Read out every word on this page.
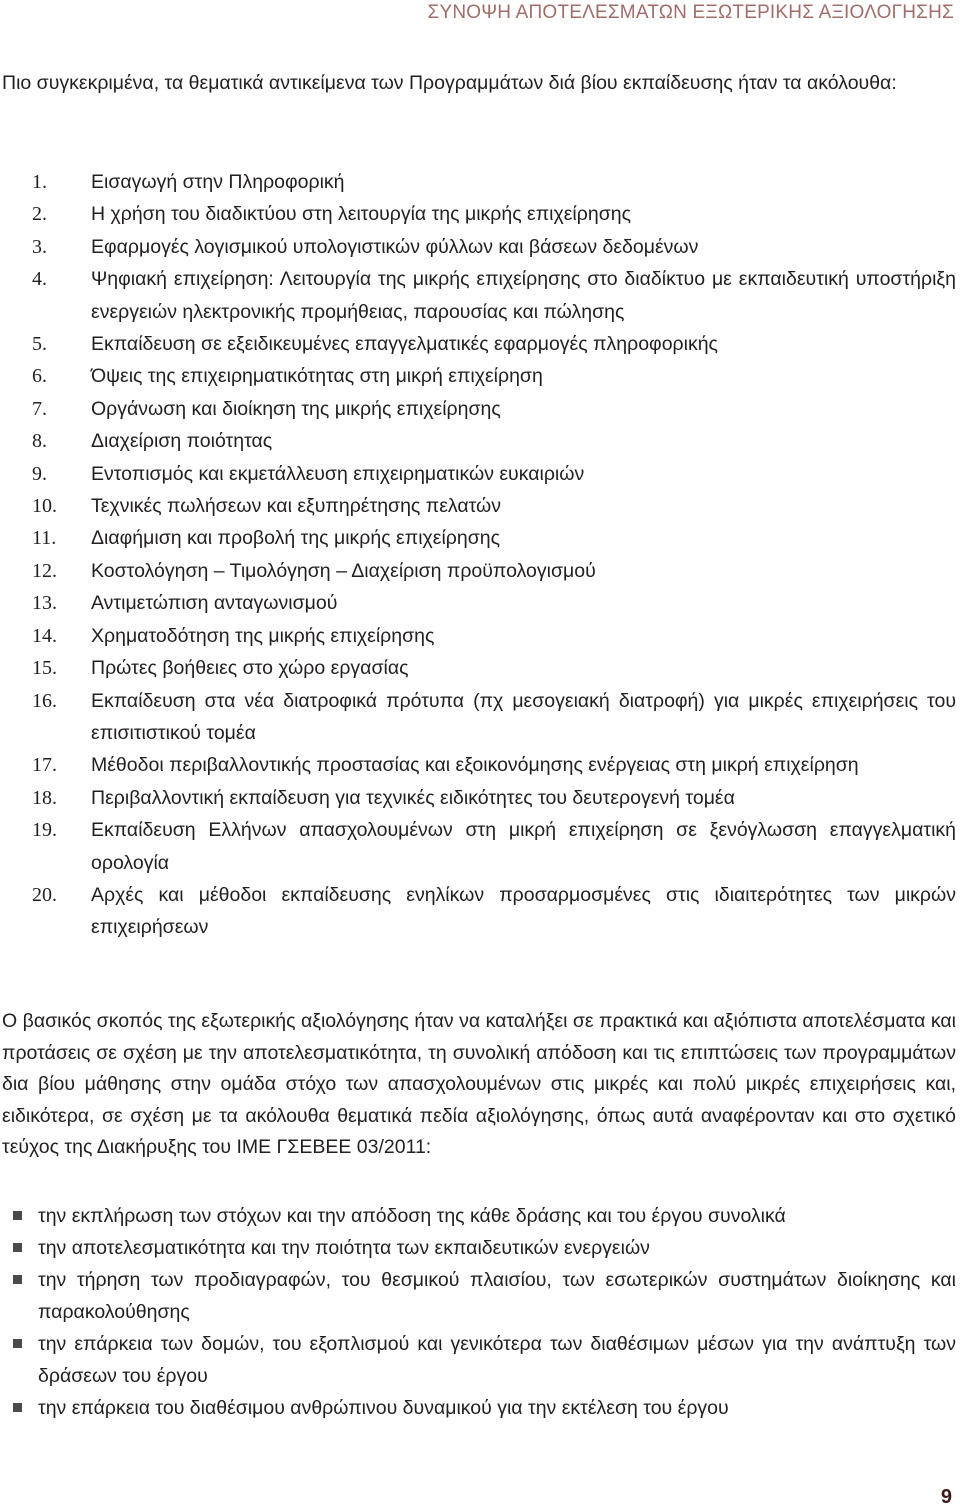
ΣΥΝΟΨΗ ΑΠΟΤΕΛΕΣΜΑΤΩΝ ΕΞΩΤΕΡΙΚΗΣ ΑΞΙΟΛΟΓΗΣΗΣ
Πιο συγκεκριμένα, τα θεματικά αντικείμενα των Προγραμμάτων διά βίου εκπαίδευσης ήταν τα ακόλουθα:
1. Εισαγωγή στην Πληροφορική
2. Η χρήση του διαδικτύου στη λειτουργία της μικρής επιχείρησης
3. Εφαρμογές λογισμικού υπολογιστικών φύλλων και βάσεων δεδομένων
4. Ψηφιακή επιχείρηση: Λειτουργία της μικρής επιχείρησης στο διαδίκτυο με εκπαιδευτική υποστήριξη ενεργειών ηλεκτρονικής προμήθειας, παρουσίας και πώλησης
5. Εκπαίδευση σε εξειδικευμένες επαγγελματικές εφαρμογές πληροφορικής
6. Όψεις της επιχειρηματικότητας στη μικρή επιχείρηση
7. Οργάνωση και διοίκηση της μικρής επιχείρησης
8. Διαχείριση ποιότητας
9. Εντοπισμός και εκμετάλλευση επιχειρηματικών ευκαιριών
10. Τεχνικές πωλήσεων και εξυπηρέτησης πελατών
11. Διαφήμιση και προβολή της μικρής επιχείρησης
12. Κοστολόγηση – Τιμολόγηση – Διαχείριση προϋπολογισμού
13. Αντιμετώπιση ανταγωνισμού
14. Χρηματοδότηση της μικρής επιχείρησης
15. Πρώτες βοήθειες στο χώρο εργασίας
16. Εκπαίδευση στα νέα διατροφικά πρότυπα (πχ μεσογειακή διατροφή) για μικρές επιχειρήσεις του επισιτιστικού τομέα
17. Μέθοδοι περιβαλλοντικής προστασίας και εξοικονόμησης ενέργειας στη μικρή επιχείρηση
18. Περιβαλλοντική εκπαίδευση για τεχνικές ειδικότητες του δευτερογενή τομέα
19. Εκπαίδευση Ελλήνων απασχολουμένων στη μικρή επιχείρηση σε ξενόγλωσση επαγγελματική ορολογία
20. Αρχές και μέθοδοι εκπαίδευσης ενηλίκων προσαρμοσμένες στις ιδιαιτερότητες των μικρών επιχειρήσεων
Ο βασικός σκοπός της εξωτερικής αξιολόγησης ήταν να καταλήξει σε πρακτικά και αξιόπιστα αποτελέσματα και προτάσεις σε σχέση με την αποτελεσματικότητα, τη συνολική απόδοση και τις επιπτώσεις των προγραμμάτων δια βίου μάθησης στην ομάδα στόχο των απασχολουμένων στις μικρές και πολύ μικρές επιχειρήσεις και, ειδικότερα, σε σχέση με τα ακόλουθα θεματικά πεδία αξιολόγησης, όπως αυτά αναφέρονταν και στο σχετικό τεύχος της Διακήρυξης του ΙΜΕ ΓΣΕΒΕΕ 03/2011:
την εκπλήρωση των στόχων και την απόδοση της κάθε δράσης και του έργου συνολικά
την αποτελεσματικότητα και την ποιότητα των εκπαιδευτικών ενεργειών
την τήρηση των προδιαγραφών, του θεσμικού πλαισίου, των εσωτερικών συστημάτων διοίκησης και παρακολούθησης
την επάρκεια των δομών, του εξοπλισμού και γενικότερα των διαθέσιμων μέσων για την ανάπτυξη των δράσεων του έργου
την επάρκεια του διαθέσιμου ανθρώπινου δυναμικού για την εκτέλεση του έργου
9
